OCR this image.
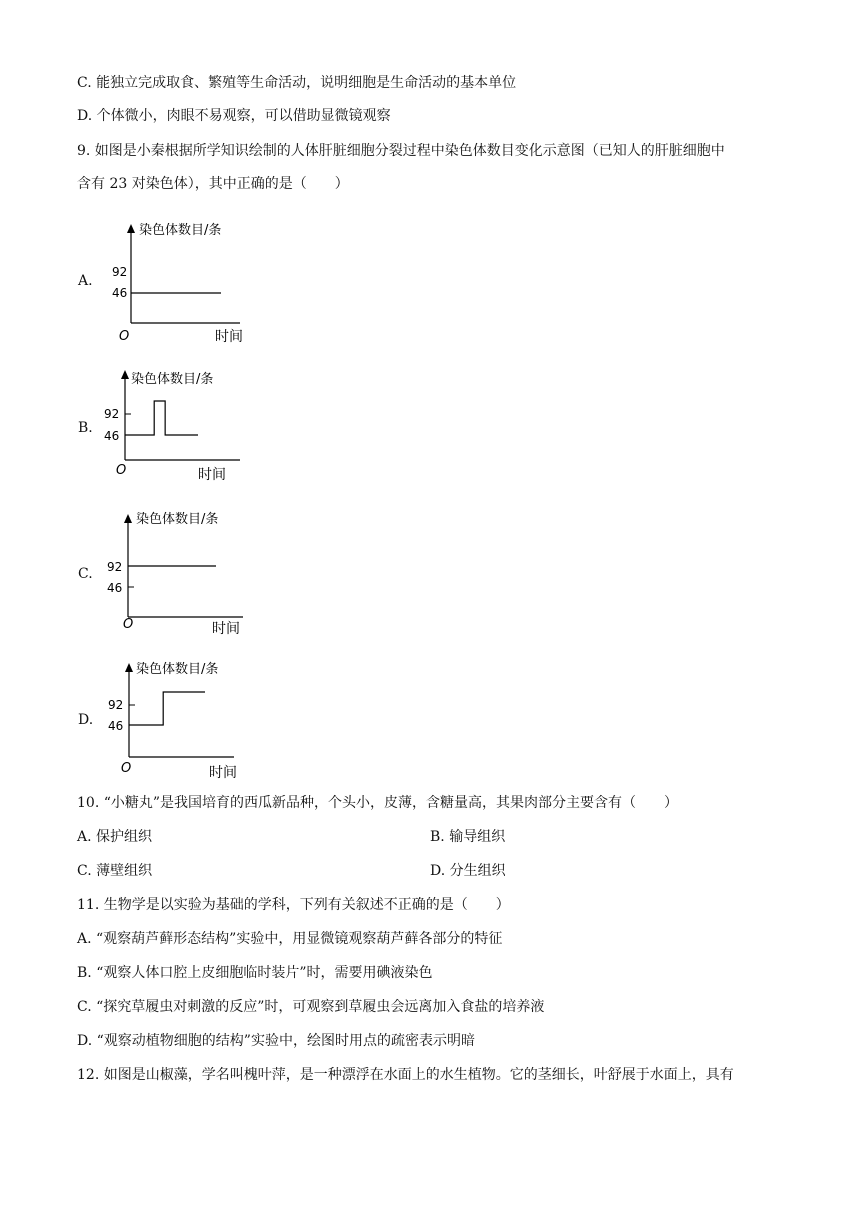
C. 能独立完成取食、繁殖等生命活动，说明细胞是生命活动的基本单位
D. 个体微小，肉眼不易观察，可以借助显微镜观察
9. 如图是小秦根据所学知识绘制的人体肝脏细胞分裂过程中染色体数目变化示意图（已知人的肝脏细胞中
含有 23 对染色体），其中正确的是（　　）
A.
染色体数目/条
92
46
O	时间
B.
染色体数目/条
92
46
O	时间
C.
染色体数目/条
92
46
O	时间
D.
染色体数目/条
92
46
O	时间
10. “小糖丸”是我国培育的西瓜新品种，个头小，皮薄，含糖量高，其果肉部分主要含有（　　）
A. 保护组织	B. 输导组织
C. 薄壁组织	D. 分生组织
11. 生物学是以实验为基础的学科，下列有关叙述不正确的是（　　）
A. “观察葫芦藓形态结构”实验中，用显微镜观察葫芦藓各部分的特征
B. “观察人体口腔上皮细胞临时装片”时，需要用碘液染色
C. “探究草履虫对刺激的反应”时，可观察到草履虫会远离加入食盐的培养液
D. “观察动植物细胞的结构”实验中，绘图时用点的疏密表示明暗
12. 如图是山椒藻，学名叫槐叶萍，是一种漂浮在水面上的水生植物。它的茎细长，叶舒展于水面上，具有
